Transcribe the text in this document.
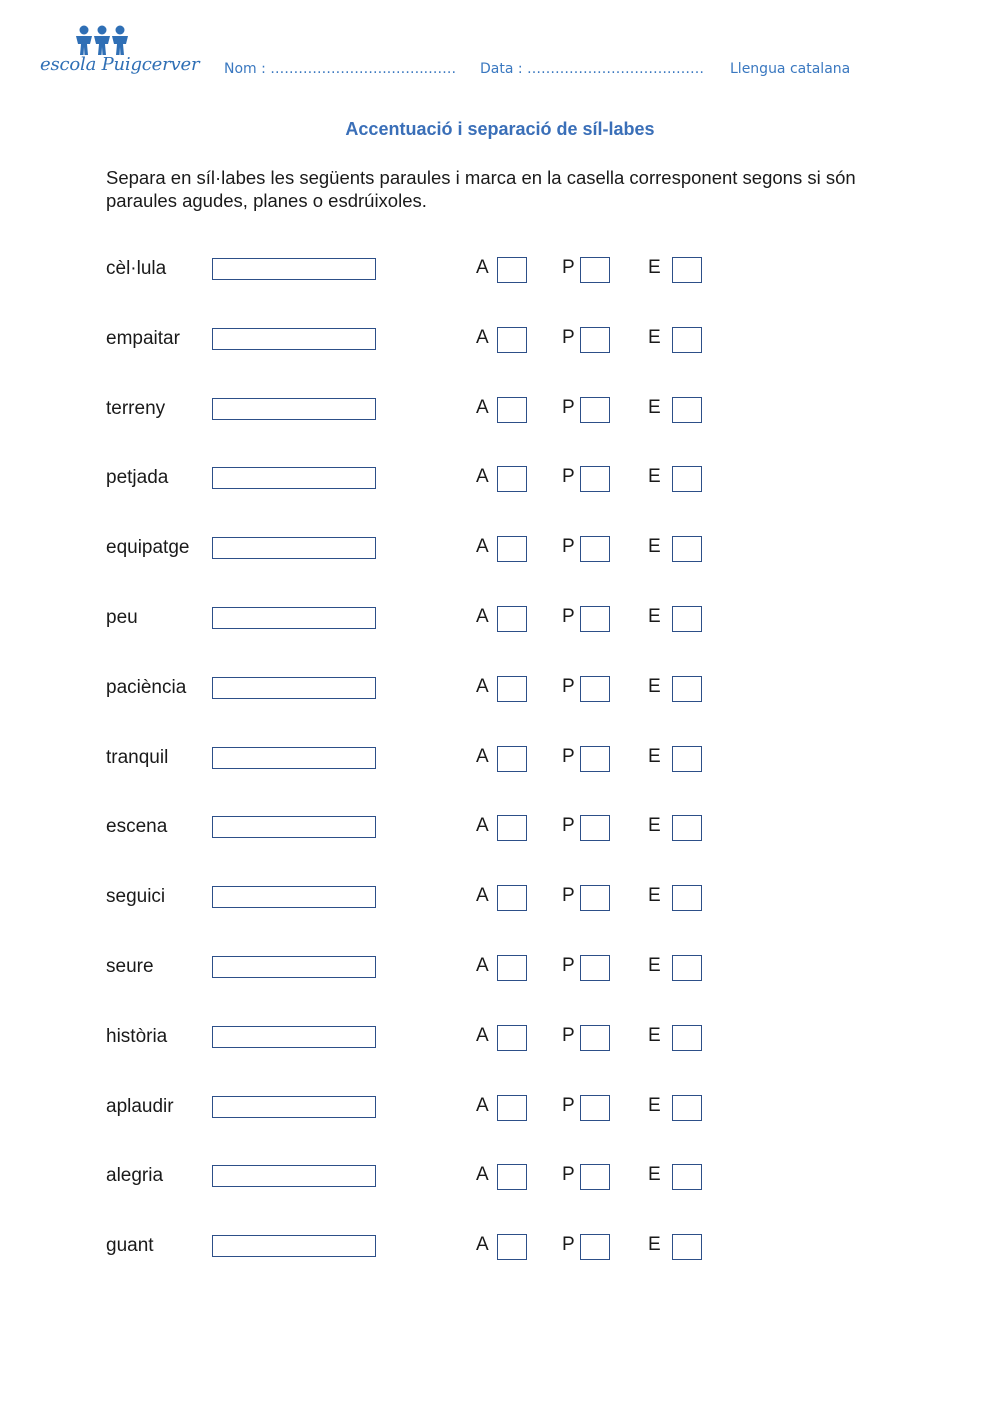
escola Puigcerver Nom : ……………………..……..…… Data : …………………………..…… Llengua catalana
Accentuació i separació de síl-labes
Separa en síl·labes les següents paraules i marca en la casella corresponent segons si són paraules agudes, planes o esdrúixoles.
cèl·lula	A	P	E
empaitar	A	P	E
terreny	A	P	E
petjada	A	P	E
equipatge	A	P	E
peu	A	P	E
paciència	A	P	E
tranquil	A	P	E
escena	A	P	E
seguici	A	P	E
seure	A	P	E
història	A	P	E
aplaudir	A	P	E
alegria	A	P	E
guant	A	P	E
